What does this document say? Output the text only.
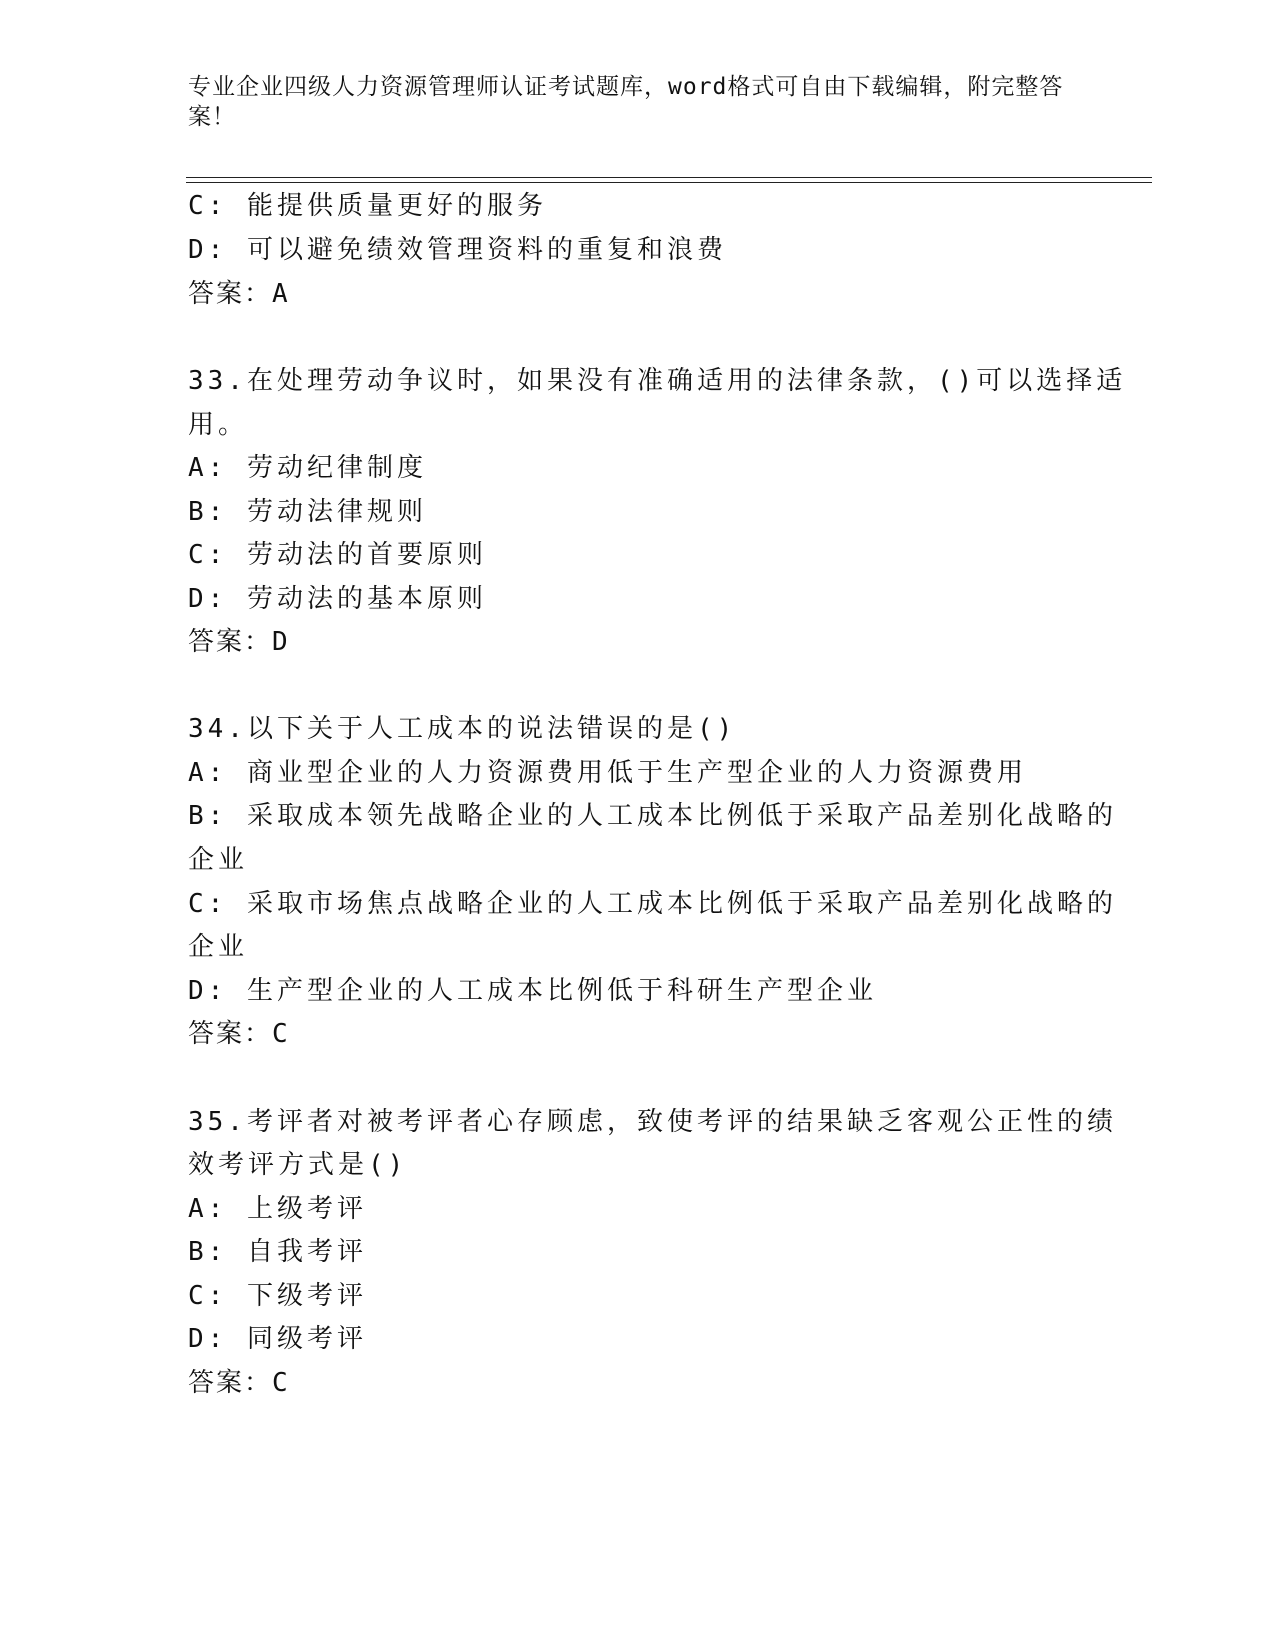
专业企业四级人力资源管理师认证考试题库，word格式可自由下载编辑，附完整答案！
C: 能提供质量更好的服务
D: 可以避免绩效管理资料的重复和浪费
答案：A
33.在处理劳动争议时，如果没有准确适用的法律条款，()可以选择适
用。
A: 劳动纪律制度
B: 劳动法律规则
C: 劳动法的首要原则
D: 劳动法的基本原则
答案：D
34.以下关于人工成本的说法错误的是()
A: 商业型企业的人力资源费用低于生产型企业的人力资源费用
B: 采取成本领先战略企业的人工成本比例低于采取产品差别化战略的
企业
C: 采取市场焦点战略企业的人工成本比例低于采取产品差别化战略的
企业
D: 生产型企业的人工成本比例低于科研生产型企业
答案：C
35.考评者对被考评者心存顾虑，致使考评的结果缺乏客观公正性的绩
效考评方式是()
A: 上级考评
B: 自我考评
C: 下级考评
D: 同级考评
答案：C
